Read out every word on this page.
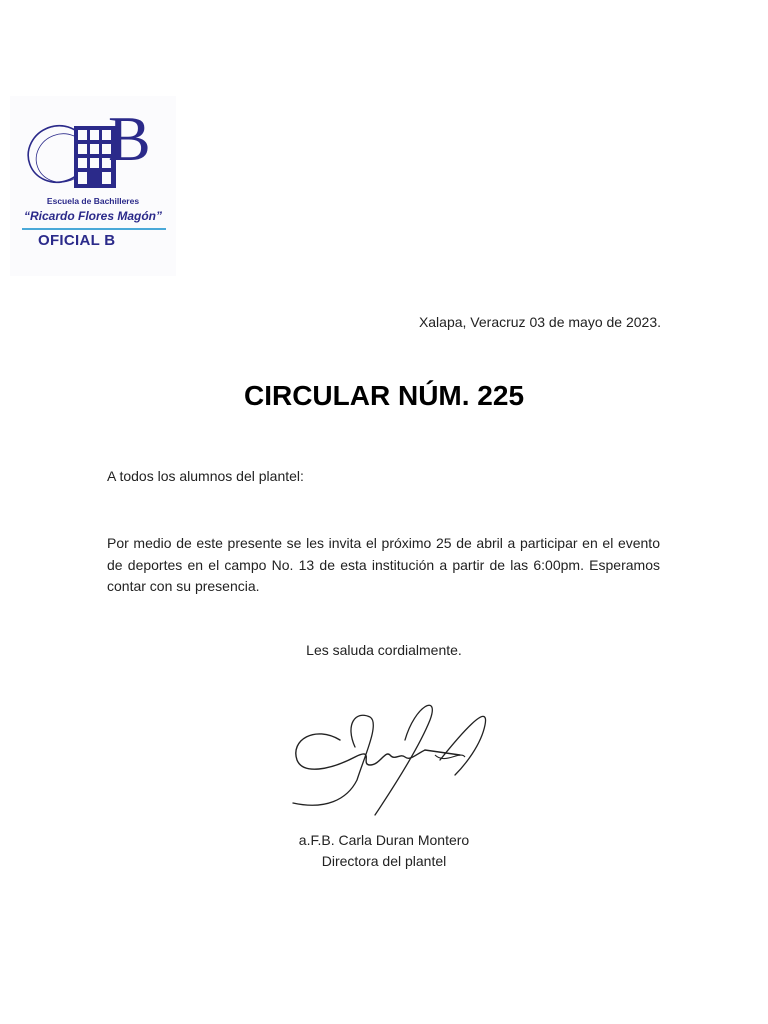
B
Escuela de Bachilleres
“Ricardo Flores Magón”
OFICIAL B
Xalapa, Veracruz 03 de mayo de 2023.
CIRCULAR NÚM. 225
A todos los alumnos del plantel:
Por medio de este presente se les invita el próximo 25 de abril a participar en el evento de deportes en el campo No. 13 de esta institución a partir de las 6:00pm. Esperamos contar con su presencia.
Les saluda cordialmente.
a.F.B. Carla Duran Montero
Directora del plantel
